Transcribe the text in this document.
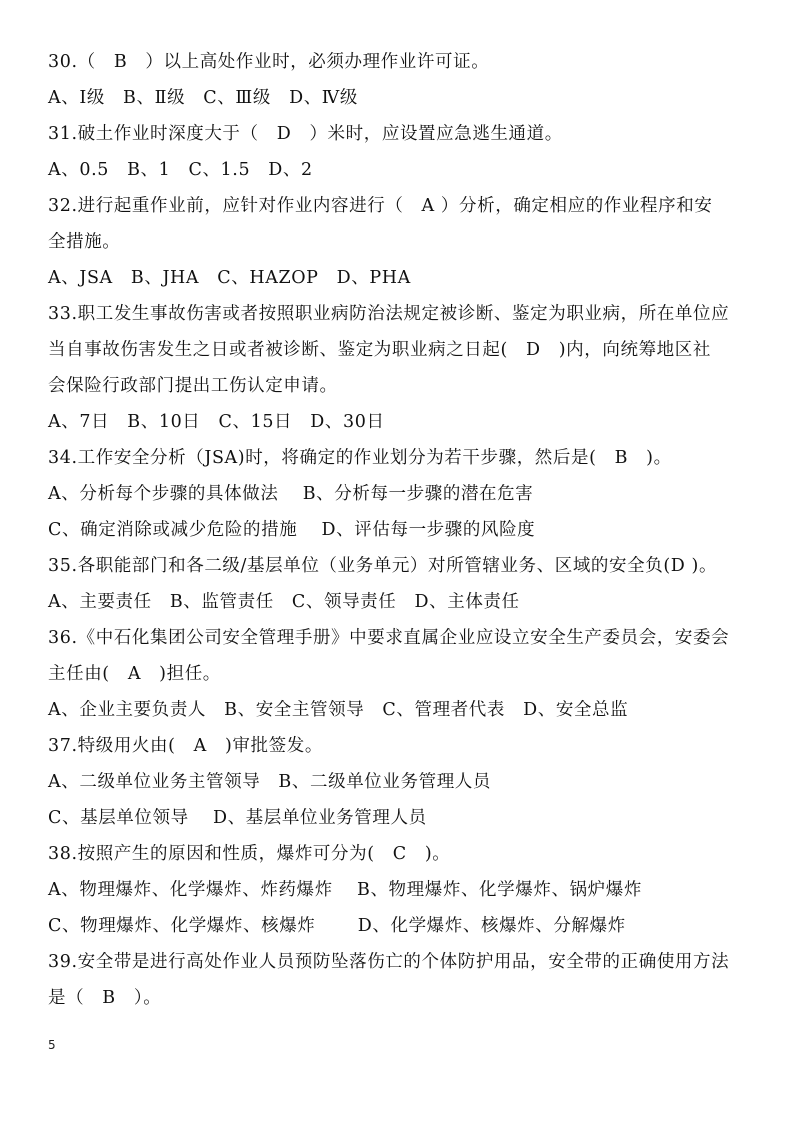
30.（　B　）以上高处作业时，必须办理作业许可证。
A、Ⅰ级　B、Ⅱ级　C、Ⅲ级　D、Ⅳ级
31.破土作业时深度大于（　D　）米时，应设置应急逃生通道。
A、0.5　B、1　C、1.5　D、2
32.进行起重作业前，应针对作业内容进行（　A ）分析，确定相应的作业程序和安
全措施。
A、JSA　B、JHA　C、HAZOP　D、PHA
33.职工发生事故伤害或者按照职业病防治法规定被诊断、鉴定为职业病，所在单位应
当自事故伤害发生之日或者被诊断、鉴定为职业病之日起(　D　)内，向统筹地区社
会保险行政部门提出工伤认定申请。
A、7日　B、10日　C、15日　D、30日
34.工作安全分析（JSA)时，将确定的作业划分为若干步骤，然后是(　B　)。
A、分析每个步骤的具体做法　 B、分析每一步骤的潜在危害
C、确定消除或减少危险的措施　 D、评估每一步骤的风险度
35.各职能部门和各二级/基层单位（业务单元）对所管辖业务、区域的安全负(D )。
A、主要责任　B、监管责任　C、领导责任　D、主体责任
36.《中石化集团公司安全管理手册》中要求直属企业应设立安全生产委员会，安委会
主任由(　A　)担任。
A、企业主要负责人　B、安全主管领导　C、管理者代表　D、安全总监
37.特级用火由(　A　)审批签发。
A、二级单位业务主管领导　B、二级单位业务管理人员
C、基层单位领导　 D、基层单位业务管理人员
38.按照产生的原因和性质，爆炸可分为(　C　)。
A、物理爆炸、化学爆炸、炸药爆炸　 B、物理爆炸、化学爆炸、锅炉爆炸
C、物理爆炸、化学爆炸、核爆炸　　 D、化学爆炸、核爆炸、分解爆炸
39.安全带是进行高处作业人员预防坠落伤亡的个体防护用品，安全带的正确使用方法
是（　B　）。
5
